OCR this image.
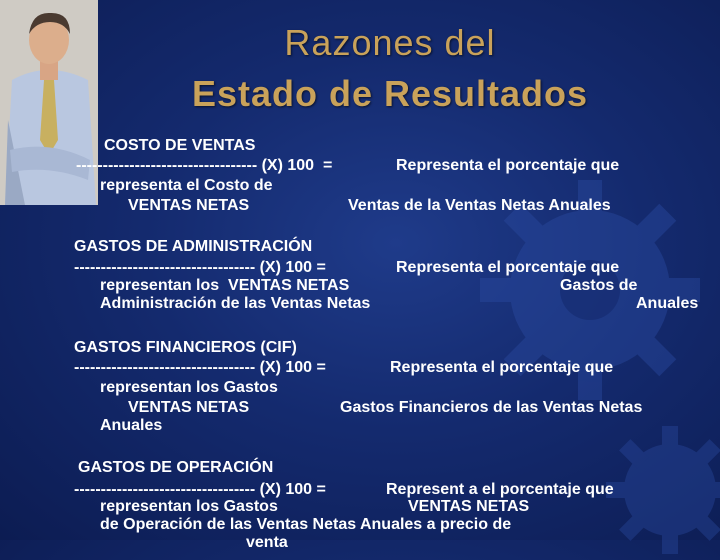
Razones del
Estado de Resultados
COSTO DE VENTAS
---------------------------------- (X) 100  =	Representa el porcentaje que
representa el Costo de
VENTAS NETAS	Ventas de la Ventas Netas Anuales
GASTOS DE ADMINISTRACIÓN
---------------------------------- (X) 100 =	Representa el porcentaje que
representan los  VENTAS NETAS	Gastos de
Administración de las Ventas Netas	Anuales
GASTOS FINANCIEROS (CIF)
---------------------------------- (X) 100 =	Representa el porcentaje que
representan los Gastos
VENTAS NETAS	Gastos Financieros de las Ventas Netas
Anuales
GASTOS DE OPERACIÓN
---------------------------------- (X) 100 =	Represent a el porcentaje que
representan los Gastos	VENTAS NETAS
de Operación de las Ventas Netas Anuales a precio de
venta
